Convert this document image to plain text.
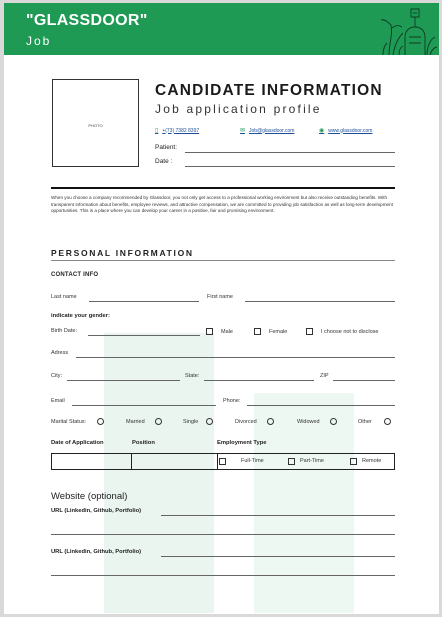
"GLASSDOOR"
Job
PHOTO
CANDIDATE INFORMATION
Job application profile
▯ +(73) 7382 8397	✉ Job@glassdoor.com	◉ www.glassdoor.com
Patient:
Date :
When you choose a company recommended by Glassdoor, you not only get access to a professional working environment but also receive outstanding benefits. With transparent information about benefits, employee reviews, and attractive compensation, we are committed to providing job satisfaction as well as long-term development opportunities. This is a place where you can develop your career in a positive, fair and promising environment.
PERSONAL INFORMATION
CONTACT INFO
Last name	First name
indicate your gender:
Birth Date:	Male	Female	I choose not to disclose
Adress
City:	State:	ZIP
Email	Phone:
Marital Status:	Married	Single	Divorced	Widowed	Other
Date of Application	Position	Employment Type
Full-Time	Part-Time	Remote
Website (optional)
URL (Linkedin, Github, Portfolio)
URL (Linkedin, Github, Portfolio)
